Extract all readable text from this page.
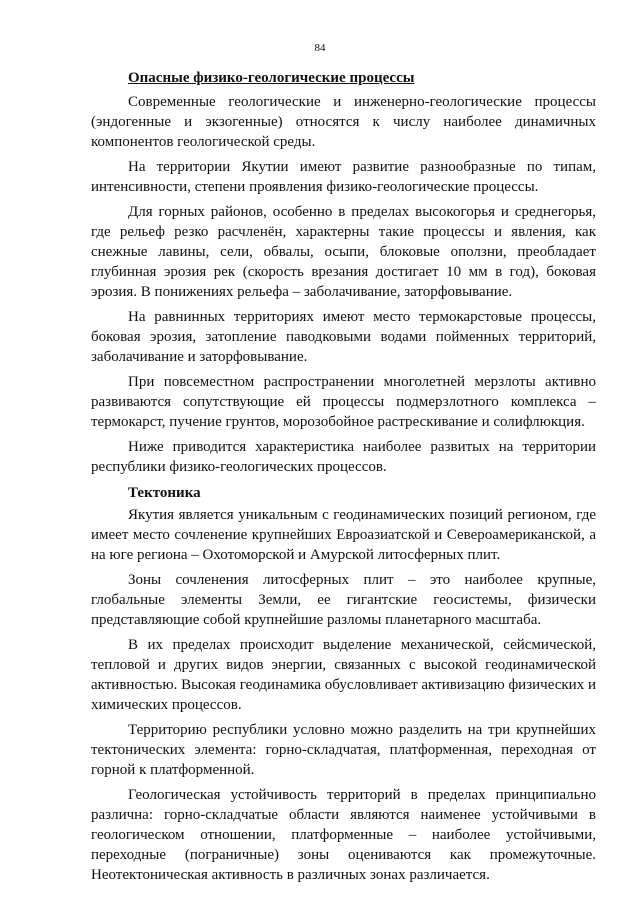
84
Опасные физико-геологические процессы

Современные геологические и инженерно-геологические процессы (эндогенные и экзогенные) относятся к числу наиболее динамичных компонентов геологической среды.

На территории Якутии имеют развитие разнообразные по типам, интенсивности, степени проявления физико-геологические процессы.

Для горных районов, особенно в пределах высокогорья и среднегорья, где рельеф резко расчленён, характерны такие процессы и явления, как снежные лавины, сели, обвалы, осыпи, блоковые оползни, преобладает глубинная эрозия рек (скорость врезания достигает 10 мм в год), боковая эрозия. В понижениях рельефа – заболачивание, заторфовывание.

На равнинных территориях имеют место термокарстовые процессы, боковая эрозия, затопление паводковыми водами пойменных территорий, заболачивание и заторфовывание.

При повсеместном распространении многолетней мерзлоты активно развиваются сопутствующие ей процессы подмерзлотного комплекса – термокарст, пучение грунтов, морозобойное растрескивание и солифлюкция.

Ниже приводится характеристика наиболее развитых на территории республики физико-геологических процессов.

Тектоника

Якутия является уникальным с геодинамических позиций регионом, где имеет место сочленение крупнейших Евроазиатской и Североамериканской, а на юге региона – Охотоморской и Амурской литосферных плит.

Зоны сочленения литосферных плит – это наиболее крупные, глобальные элементы Земли, ее гигантские геосистемы, физически представляющие собой крупнейшие разломы планетарного масштаба.

В их пределах происходит выделение механической, сейсмической, тепловой и других видов энергии, связанных с высокой геодинамической активностью. Высокая геодинамика обусловливает активизацию физических и химических процессов.

Территорию республики условно можно разделить на три крупнейших тектонических элемента: горно-складчатая, платформенная, переходная от горной к платформенной.

Геологическая устойчивость территорий в пределах принципиально различна: горно-складчатые области являются наименее устойчивыми в геологическом отношении, платформенные – наиболее устойчивыми, переходные (пограничные) зоны оцениваются как промежуточные. Неотектоническая активность в различных зонах различается.
